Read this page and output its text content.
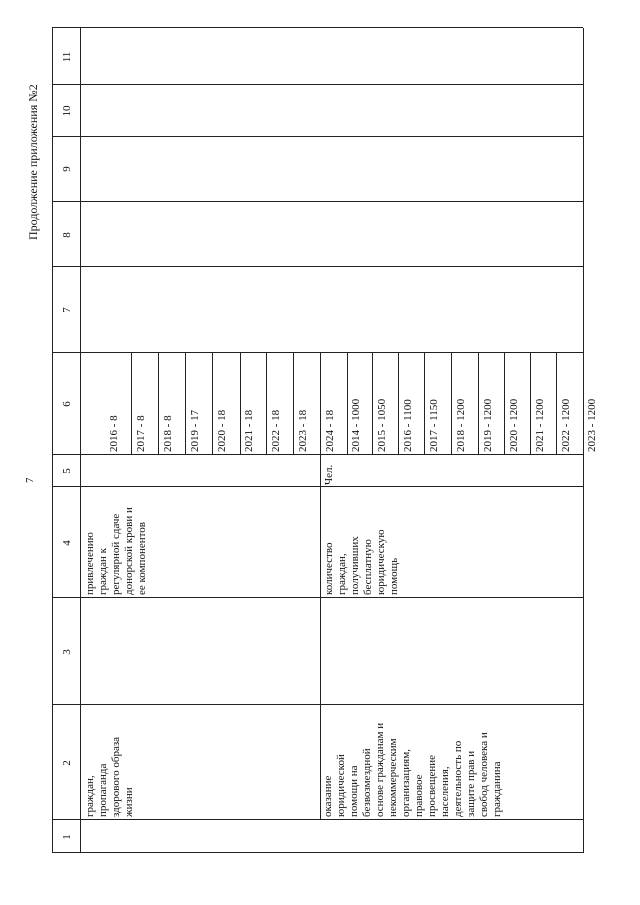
7
Продолжение приложения №2
1
2
3
4
5
6
7
8
9
10
11
граждан,
пропаганда
здорового образа
жизни
привлечению
граждан к
регулярной сдаче
донорской крови и
ее компонентов
оказание
юридической
помощи на
безвозмездной
основе гражданам и
некоммерческим
организациям,
правовое
просвещение
населения,
деятельность по
защите прав и
свобод человека и
гражданина
количество
граждан,
получивших
бесплатную
юридическую
помощь
Чел.
2016 - 8 2017 - 8 2018 - 8 2019 - 17 2020 - 18 2021 - 18 2022 - 18 2023 - 18 2024 - 18 2014 - 1000 2015 - 1050 2016 - 1100 2017 - 1150 2018 - 1200 2019 - 1200 2020 - 1200 2021 - 1200 2022 - 1200 2023 - 1200
